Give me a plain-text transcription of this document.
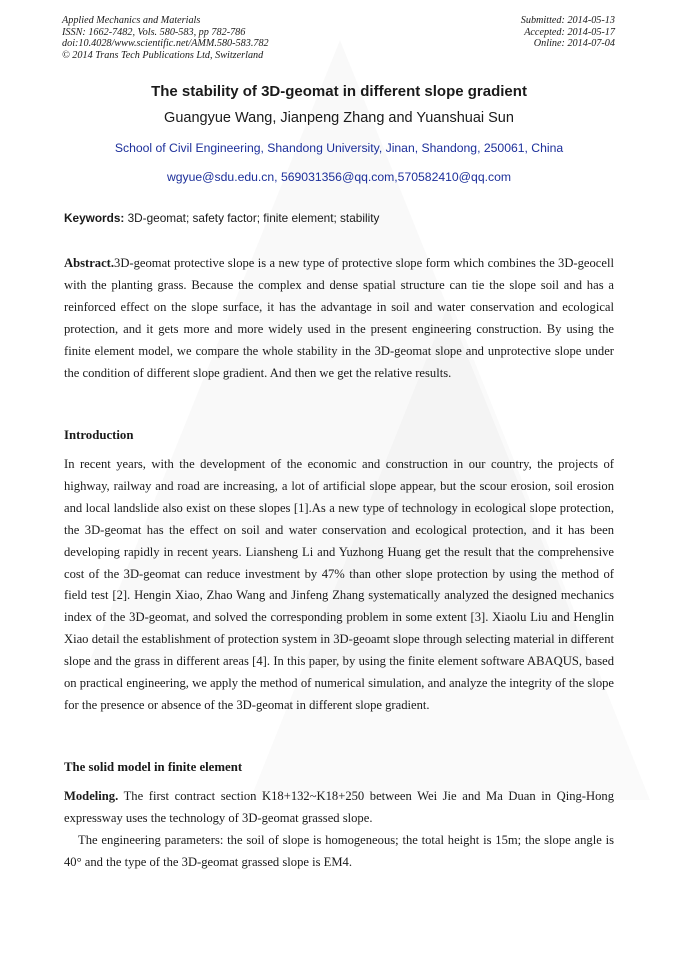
Applied Mechanics and Materials
ISSN: 1662-7482, Vols. 580-583, pp 782-786
doi:10.4028/www.scientific.net/AMM.580-583.782
© 2014 Trans Tech Publications Ltd, Switzerland
Submitted: 2014-05-13
Accepted: 2014-05-17
Online: 2014-07-04
The stability of 3D-geomat in different slope gradient
Guangyue Wang, Jianpeng Zhang and Yuanshuai Sun
School of Civil Engineering, Shandong University, Jinan, Shandong, 250061, China
wgyue@sdu.edu.cn, 569031356@qq.com,570582410@qq.com
Keywords: 3D-geomat; safety factor; finite element; stability

Abstract.3D-geomat protective slope is a new type of protective slope form which combines the 3D-geocell with the planting grass. Because the complex and dense spatial structure can tie the slope soil and has a reinforced effect on the slope surface, it has the advantage in soil and water conservation and ecological protection, and it gets more and more widely used in the present engineering construction. By using the finite element model, we compare the whole stability in the 3D-geomat slope and unprotective slope under the condition of different slope gradient. And then we get the relative results.

Introduction

In recent years, with the development of the economic and construction in our country, the projects of highway, railway and road are increasing, a lot of artificial slope appear, but the scour erosion, soil erosion and local landslide also exist on these slopes [1].As a new type of technology in ecological slope protection, the 3D-geomat has the effect on soil and water conservation and ecological protection, and it has been developing rapidly in recent years. Liansheng Li and Yuzhong Huang get the result that the comprehensive cost of the 3D-geomat can reduce investment by 47% than other slope protection by using the method of field test [2]. Hengin Xiao, Zhao Wang and Jinfeng Zhang systematically analyzed the designed mechanics index of the 3D-geomat, and solved the corresponding problem in some extent [3]. Xiaolu Liu and Henglin Xiao detail the establishment of protection system in 3D-geoamt slope through selecting material in different slope and the grass in different areas [4]. In this paper, by using the finite element software ABAQUS, based on practical engineering, we apply the method of numerical simulation, and analyze the integrity of the slope for the presence or absence of the 3D-geomat in different slope gradient.

The solid model in finite element

Modeling. The first contract section K18+132~K18+250 between Wei Jie and Ma Duan in Qing-Hong expressway uses the technology of 3D-geomat grassed slope.

The engineering parameters: the soil of slope is homogeneous; the total height is 15m; the slope angle is 40° and the type of the 3D-geomat grassed slope is EM4.
